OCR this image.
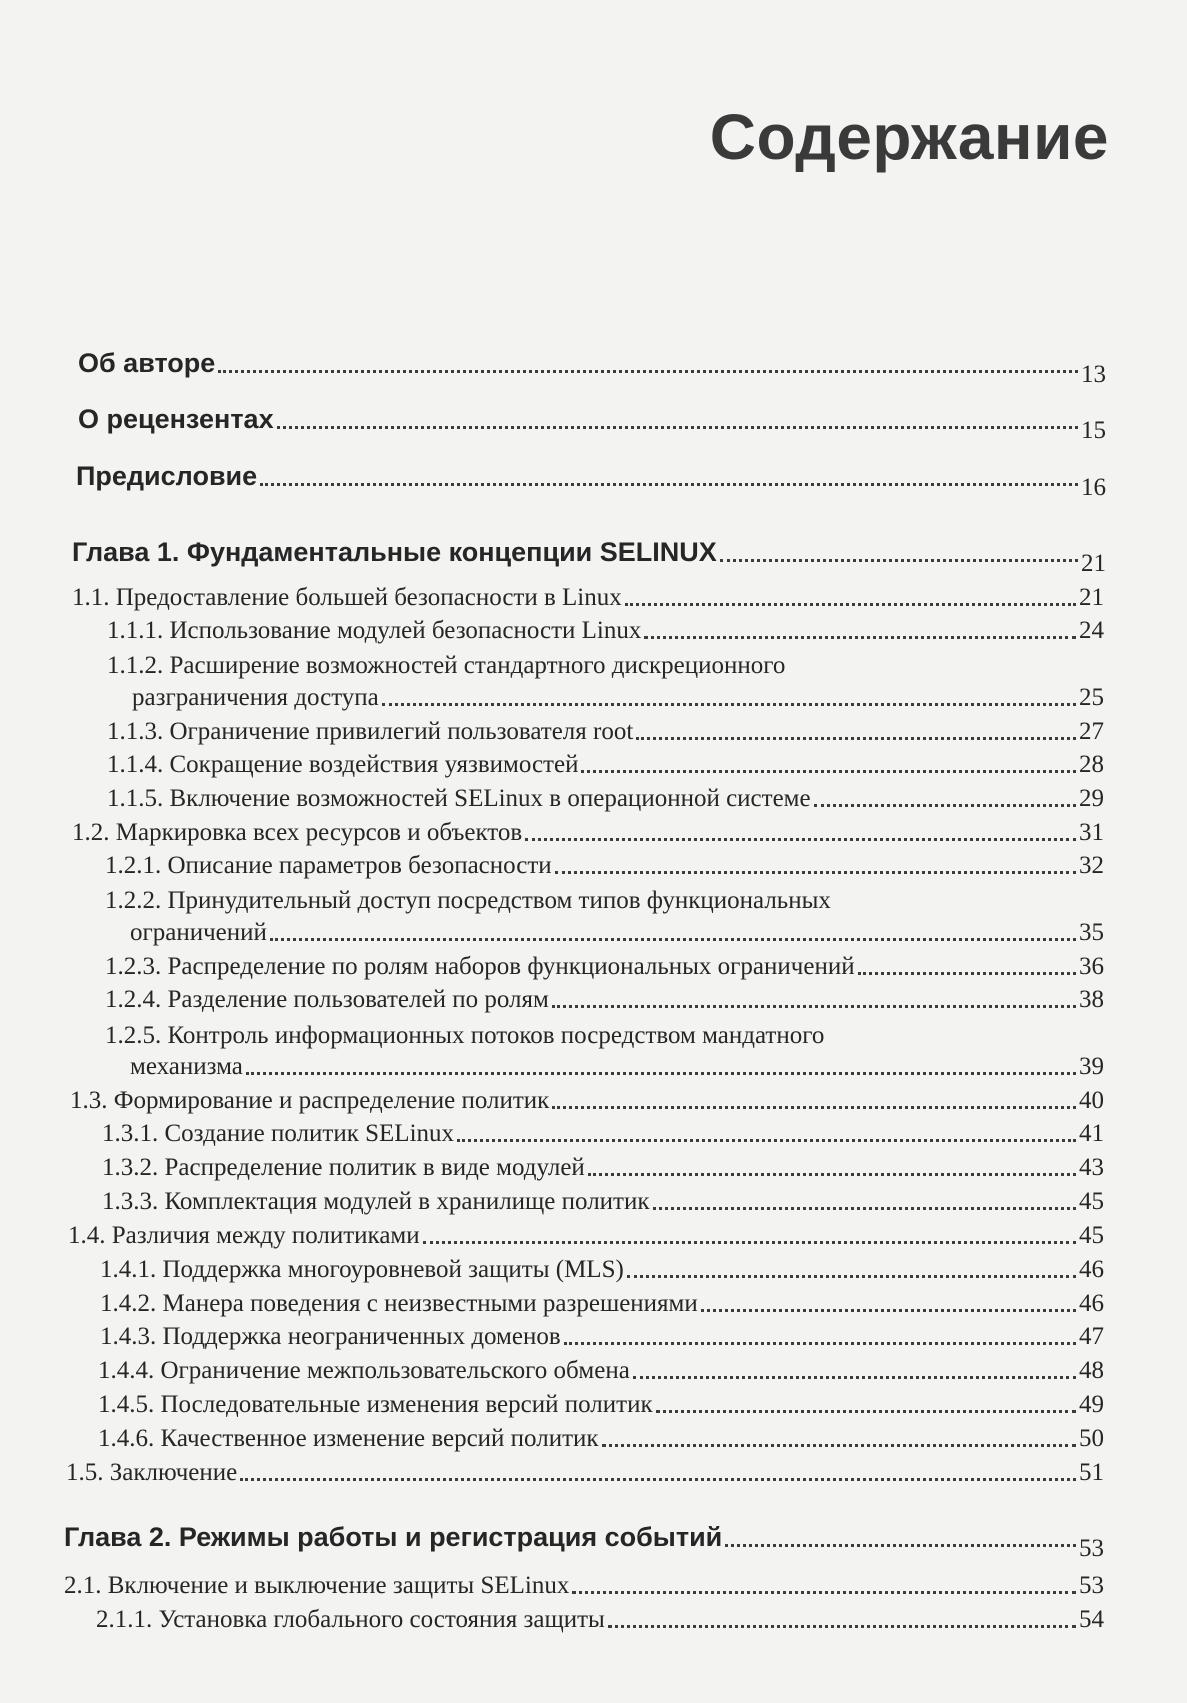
Содержание
Об авторе	13
О рецензентах	15
Предисловие	16
Глава 1. Фундаментальные концепции SELINUX	21
1.1. Предоставление большей безопасности в Linux	21
1.1.1. Использование модулей безопасности Linux	24
1.1.2. Расширение возможностей стандартного дискреционного
разграничения доступа	25
1.1.3. Ограничение привилегий пользователя root	27
1.1.4. Сокращение воздействия уязвимостей	28
1.1.5. Включение возможностей SELinux в операционной системе	29
1.2. Маркировка всех ресурсов и объектов	31
1.2.1. Описание параметров безопасности	32
1.2.2. Принудительный доступ посредством типов функциональных
ограничений	35
1.2.3. Распределение по ролям наборов функциональных ограничений	36
1.2.4. Разделение пользователей по ролям	38
1.2.5. Контроль информационных потоков посредством мандатного
механизма	39
1.3. Формирование и распределение политик	40
1.3.1. Создание политик SELinux	41
1.3.2. Распределение политик в виде модулей	43
1.3.3. Комплектация модулей в хранилище политик	45
1.4. Различия между политиками	45
1.4.1. Поддержка многоуровневой защиты (MLS)	46
1.4.2. Манера поведения с неизвестными разрешениями	46
1.4.3. Поддержка неограниченных доменов	47
1.4.4. Ограничение межпользовательского обмена	48
1.4.5. Последовательные изменения версий политик	49
1.4.6. Качественное изменение версий политик	50
1.5. Заключение	51
Глава 2. Режимы работы и регистрация событий	53
2.1. Включение и выключение защиты SELinux	53
2.1.1. Установка глобального состояния защиты	54
